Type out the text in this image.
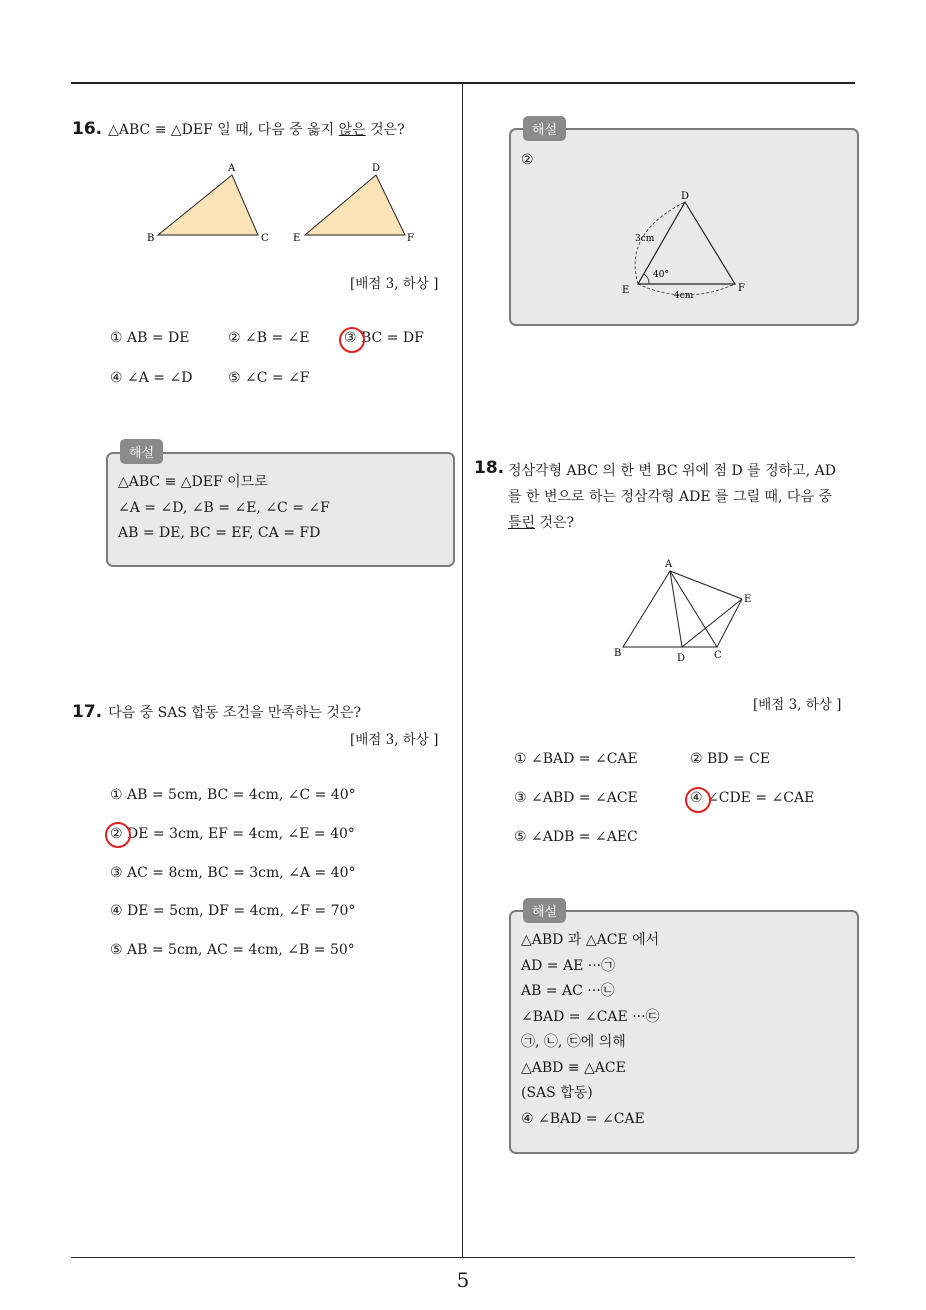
5
16. △ABC ≡ △DEF 일 때, 다음 중 옳지 않은 것은?
A
B	C
D
E	F
[배점 3, 하상 ]
① AB = DE	② ∠B = ∠E ③ BC = DF
④ ∠A = ∠D	⑤ ∠C = ∠F
해설
△ABC ≡ △DEF 이므로
∠A = ∠D, ∠B = ∠E, ∠C = ∠F
AB = DE, BC = EF, CA = FD
17. 다음 중 SAS 합동 조건을 만족하는 것은?
[배점 3, 하상 ]
① AB = 5cm, BC = 4cm, ∠C = 40°
② DE = 3cm, EF = 4cm, ∠E = 40°
③ AC = 8cm, BC = 3cm, ∠A = 40°
④ DE = 5cm, DF = 4cm, ∠F = 70°
⑤ AB = 5cm, AC = 4cm, ∠B = 50°
해설
②
D
E	F
3cm
4cm
40°
18. 정삼각형 ABC 의 한 변 BC 위에 점 D 를 정하고, AD
를 한 변으로 하는 정삼각형 ADE 를 그릴 때, 다음 중
틀린 것은?
A
B	C
D
E
[배점 3, 하상 ]
① ∠BAD = ∠CAE	② BD = CE
③ ∠ABD = ∠ACE	④ ∠CDE = ∠CAE
⑤ ∠ADB = ∠AEC
해설
△ABD 과 △ACE 에서
AD = AE ···㉠
AB = AC ···㉡
∠BAD = ∠CAE ···㉢
㉠, ㉡, ㉢에 의해
△ABD ≡ △ACE
(SAS 합동)
④ ∠BAD = ∠CAE
